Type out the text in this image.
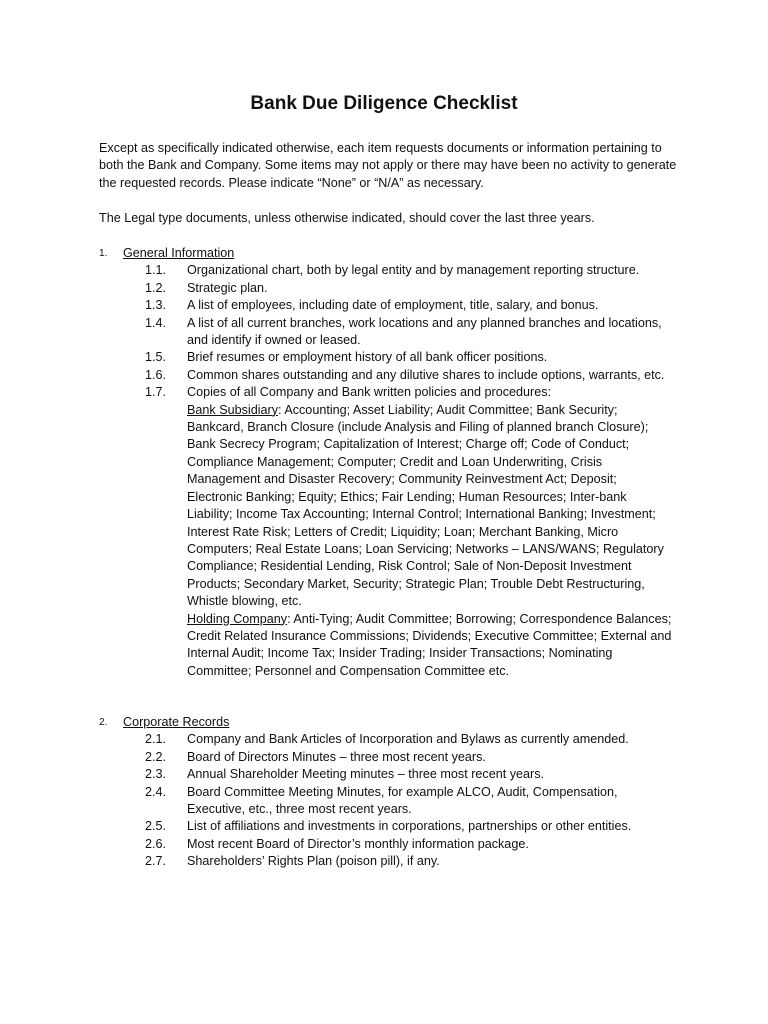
Bank Due Diligence Checklist
Except as specifically indicated otherwise, each item requests documents or information pertaining to both the Bank and Company. Some items may not apply or there may have been no activity to generate the requested records. Please indicate “None” or “N/A” as necessary.
The Legal type documents, unless otherwise indicated, should cover the last three years.
1.	General Information
1.1.	Organizational chart, both by legal entity and by management reporting structure.
1.2.	Strategic plan.
1.3.	A list of employees, including date of employment, title, salary, and bonus.
1.4.	A list of all current branches, work locations and any planned branches and locations, and identify if owned or leased.
1.5.	Brief resumes or employment history of all bank officer positions.
1.6.	Common shares outstanding and any dilutive shares to include options, warrants, etc.
1.7.	Copies of all Company and Bank written policies and procedures:
Bank Subsidiary: Accounting; Asset Liability; Audit Committee; Bank Security; Bankcard, Branch Closure (include Analysis and Filing of planned branch Closure); Bank Secrecy Program; Capitalization of Interest; Charge off; Code of Conduct; Compliance Management; Computer; Credit and Loan Underwriting, Crisis Management and Disaster Recovery; Community Reinvestment Act; Deposit; Electronic Banking; Equity; Ethics; Fair Lending; Human Resources; Inter-bank Liability; Income Tax Accounting; Internal Control; International Banking; Investment; Interest Rate Risk; Letters of Credit; Liquidity; Loan; Merchant Banking, Micro Computers; Real Estate Loans; Loan Servicing; Networks – LANS/WANS; Regulatory Compliance; Residential Lending, Risk Control; Sale of Non-Deposit Investment Products; Secondary Market, Security; Strategic Plan; Trouble Debt Restructuring, Whistle blowing, etc.
Holding Company: Anti-Tying; Audit Committee; Borrowing; Correspondence Balances; Credit Related Insurance Commissions; Dividends; Executive Committee; External and Internal Audit; Income Tax; Insider Trading; Insider Transactions; Nominating Committee; Personnel and Compensation Committee etc.
2.	Corporate Records
2.1.	Company and Bank Articles of Incorporation and Bylaws as currently amended.
2.2.	Board of Directors Minutes – three most recent years.
2.3.	Annual Shareholder Meeting minutes – three most recent years.
2.4.	Board Committee Meeting Minutes, for example ALCO, Audit, Compensation, Executive, etc., three most recent years.
2.5.	List of affiliations and investments in corporations, partnerships or other entities.
2.6.	Most recent Board of Director’s monthly information package.
2.7.	Shareholders’ Rights Plan (poison pill), if any.
